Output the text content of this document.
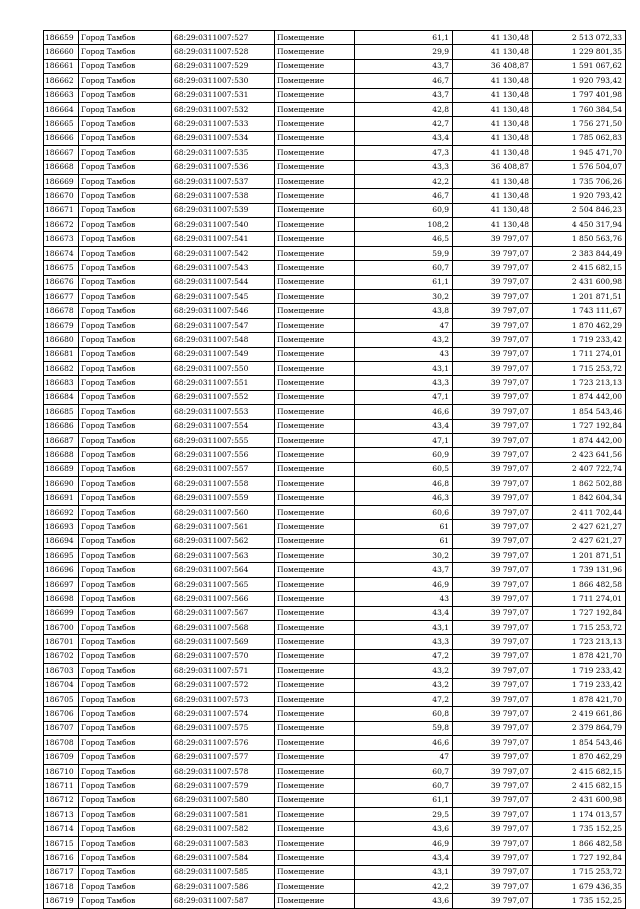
186659	Город Тамбов	68:29:0311007:527	Помещение	61,1	41 130,48	2 513 072,33
186660	Город Тамбов	68:29:0311007:528	Помещение	29,9	41 130,48	1 229 801,35
186661	Город Тамбов	68:29:0311007:529	Помещение	43,7	36 408,87	1 591 067,62
186662	Город Тамбов	68:29:0311007:530	Помещение	46,7	41 130,48	1 920 793,42
186663	Город Тамбов	68:29:0311007:531	Помещение	43,7	41 130,48	1 797 401,98
186664	Город Тамбов	68:29:0311007:532	Помещение	42,8	41 130,48	1 760 384,54
186665	Город Тамбов	68:29:0311007:533	Помещение	42,7	41 130,48	1 756 271,50
186666	Город Тамбов	68:29:0311007:534	Помещение	43,4	41 130,48	1 785 062,83
186667	Город Тамбов	68:29:0311007:535	Помещение	47,3	41 130,48	1 945 471,70
186668	Город Тамбов	68:29:0311007:536	Помещение	43,3	36 408,87	1 576 504,07
186669	Город Тамбов	68:29:0311007:537	Помещение	42,2	41 130,48	1 735 706,26
186670	Город Тамбов	68:29:0311007:538	Помещение	46,7	41 130,48	1 920 793,42
186671	Город Тамбов	68:29:0311007:539	Помещение	60,9	41 130,48	2 504 846,23
186672	Город Тамбов	68:29:0311007:540	Помещение	108,2	41 130,48	4 450 317,94
186673	Город Тамбов	68:29:0311007:541	Помещение	46,5	39 797,07	1 850 563,76
186674	Город Тамбов	68:29:0311007:542	Помещение	59,9	39 797,07	2 383 844,49
186675	Город Тамбов	68:29:0311007:543	Помещение	60,7	39 797,07	2 415 682,15
186676	Город Тамбов	68:29:0311007:544	Помещение	61,1	39 797,07	2 431 600,98
186677	Город Тамбов	68:29:0311007:545	Помещение	30,2	39 797,07	1 201 871,51
186678	Город Тамбов	68:29:0311007:546	Помещение	43,8	39 797,07	1 743 111,67
186679	Город Тамбов	68:29:0311007:547	Помещение	47	39 797,07	1 870 462,29
186680	Город Тамбов	68:29:0311007:548	Помещение	43,2	39 797,07	1 719 233,42
186681	Город Тамбов	68:29:0311007:549	Помещение	43	39 797,07	1 711 274,01
186682	Город Тамбов	68:29:0311007:550	Помещение	43,1	39 797,07	1 715 253,72
186683	Город Тамбов	68:29:0311007:551	Помещение	43,3	39 797,07	1 723 213,13
186684	Город Тамбов	68:29:0311007:552	Помещение	47,1	39 797,07	1 874 442,00
186685	Город Тамбов	68:29:0311007:553	Помещение	46,6	39 797,07	1 854 543,46
186686	Город Тамбов	68:29:0311007:554	Помещение	43,4	39 797,07	1 727 192,84
186687	Город Тамбов	68:29:0311007:555	Помещение	47,1	39 797,07	1 874 442,00
186688	Город Тамбов	68:29:0311007:556	Помещение	60,9	39 797,07	2 423 641,56
186689	Город Тамбов	68:29:0311007:557	Помещение	60,5	39 797,07	2 407 722,74
186690	Город Тамбов	68:29:0311007:558	Помещение	46,8	39 797,07	1 862 502,88
186691	Город Тамбов	68:29:0311007:559	Помещение	46,3	39 797,07	1 842 604,34
186692	Город Тамбов	68:29:0311007:560	Помещение	60,6	39 797,07	2 411 702,44
186693	Город Тамбов	68:29:0311007:561	Помещение	61	39 797,07	2 427 621,27
186694	Город Тамбов	68:29:0311007:562	Помещение	61	39 797,07	2 427 621,27
186695	Город Тамбов	68:29:0311007:563	Помещение	30,2	39 797,07	1 201 871,51
186696	Город Тамбов	68:29:0311007:564	Помещение	43,7	39 797,07	1 739 131,96
186697	Город Тамбов	68:29:0311007:565	Помещение	46,9	39 797,07	1 866 482,58
186698	Город Тамбов	68:29:0311007:566	Помещение	43	39 797,07	1 711 274,01
186699	Город Тамбов	68:29:0311007:567	Помещение	43,4	39 797,07	1 727 192,84
186700	Город Тамбов	68:29:0311007:568	Помещение	43,1	39 797,07	1 715 253,72
186701	Город Тамбов	68:29:0311007:569	Помещение	43,3	39 797,07	1 723 213,13
186702	Город Тамбов	68:29:0311007:570	Помещение	47,2	39 797,07	1 878 421,70
186703	Город Тамбов	68:29:0311007:571	Помещение	43,2	39 797,07	1 719 233,42
186704	Город Тамбов	68:29:0311007:572	Помещение	43,2	39 797,07	1 719 233,42
186705	Город Тамбов	68:29:0311007:573	Помещение	47,2	39 797,07	1 878 421,70
186706	Город Тамбов	68:29:0311007:574	Помещение	60,8	39 797,07	2 419 661,86
186707	Город Тамбов	68:29:0311007:575	Помещение	59,8	39 797,07	2 379 864,79
186708	Город Тамбов	68:29:0311007:576	Помещение	46,6	39 797,07	1 854 543,46
186709	Город Тамбов	68:29:0311007:577	Помещение	47	39 797,07	1 870 462,29
186710	Город Тамбов	68:29:0311007:578	Помещение	60,7	39 797,07	2 415 682,15
186711	Город Тамбов	68:29:0311007:579	Помещение	60,7	39 797,07	2 415 682,15
186712	Город Тамбов	68:29:0311007:580	Помещение	61,1	39 797,07	2 431 600,98
186713	Город Тамбов	68:29:0311007:581	Помещение	29,5	39 797,07	1 174 013,57
186714	Город Тамбов	68:29:0311007:582	Помещение	43,6	39 797,07	1 735 152,25
186715	Город Тамбов	68:29:0311007:583	Помещение	46,9	39 797,07	1 866 482,58
186716	Город Тамбов	68:29:0311007:584	Помещение	43,4	39 797,07	1 727 192,84
186717	Город Тамбов	68:29:0311007:585	Помещение	43,1	39 797,07	1 715 253,72
186718	Город Тамбов	68:29:0311007:586	Помещение	42,2	39 797,07	1 679 436,35
186719	Город Тамбов	68:29:0311007:587	Помещение	43,6	39 797,07	1 735 152,25
